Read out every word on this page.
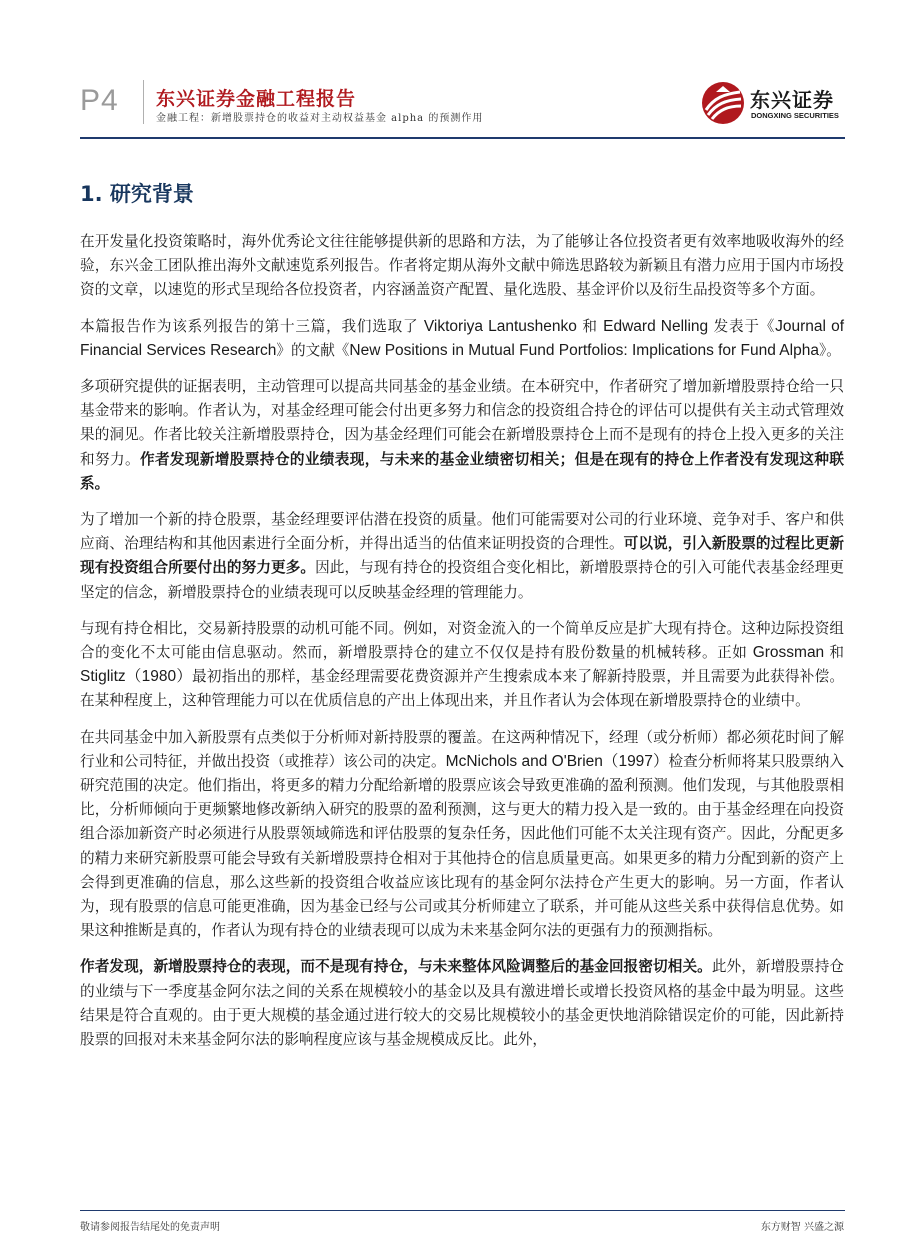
P4 东兴证券金融工程报告
金融工程：新增股票持仓的收益对主动权益基金 alpha 的预测作用
东兴证券
DONGXING SECURITIES
1. 研究背景

在开发量化投资策略时，海外优秀论文往往能够提供新的思路和方法，为了能够让各位投资者更有效率地吸收海外的经验，东兴金工团队推出海外文献速览系列报告。作者将定期从海外文献中筛选思路较为新颖且有潜力应用于国内市场投资的文章，以速览的形式呈现给各位投资者，内容涵盖资产配置、量化选股、基金评价以及衍生品投资等多个方面。

本篇报告作为该系列报告的第十三篇，我们选取了 Viktoriya Lantushenko 和 Edward Nelling 发表于《Journal of Financial Services Research》的文献《New Positions in Mutual Fund Portfolios: Implications for Fund Alpha》。

多项研究提供的证据表明，主动管理可以提高共同基金的基金业绩。在本研究中，作者研究了增加新增股票持仓给一只基金带来的影响。作者认为，对基金经理可能会付出更多努力和信念的投资组合持仓的评估可以提供有关主动式管理效果的洞见。作者比较关注新增股票持仓，因为基金经理们可能会在新增股票持仓上而不是现有的持仓上投入更多的关注和努力。作者发现新增股票持仓的业绩表现，与未来的基金业绩密切相关；但是在现有的持仓上作者没有发现这种联系。

为了增加一个新的持仓股票，基金经理要评估潜在投资的质量。他们可能需要对公司的行业环境、竞争对手、客户和供应商、治理结构和其他因素进行全面分析，并得出适当的估值来证明投资的合理性。可以说，引入新股票的过程比更新现有投资组合所要付出的努力更多。因此，与现有持仓的投资组合变化相比，新增股票持仓的引入可能代表基金经理更坚定的信念，新增股票持仓的业绩表现可以反映基金经理的管理能力。

与现有持仓相比，交易新持股票的动机可能不同。例如，对资金流入的一个简单反应是扩大现有持仓。这种边际投资组合的变化不太可能由信息驱动。然而，新增股票持仓的建立不仅仅是持有股份数量的机械转移。正如 Grossman 和 Stiglitz（1980）最初指出的那样，基金经理需要花费资源并产生搜索成本来了解新持股票，并且需要为此获得补偿。在某种程度上，这种管理能力可以在优质信息的产出上体现出来，并且作者认为会体现在新增股票持仓的业绩中。

在共同基金中加入新股票有点类似于分析师对新持股票的覆盖。在这两种情况下，经理（或分析师）都必须花时间了解行业和公司特征，并做出投资（或推荐）该公司的决定。McNichols and O'Brien（1997）检查分析师将某只股票纳入研究范围的决定。他们指出，将更多的精力分配给新增的股票应该会导致更准确的盈利预测。他们发现，与其他股票相比，分析师倾向于更频繁地修改新纳入研究的股票的盈利预测，这与更大的精力投入是一致的。由于基金经理在向投资组合添加新资产时必须进行从股票领域筛选和评估股票的复杂任务，因此他们可能不太关注现有资产。因此，分配更多的精力来研究新股票可能会导致有关新增股票持仓相对于其他持仓的信息质量更高。如果更多的精力分配到新的资产上会得到更准确的信息，那么这些新的投资组合收益应该比现有的基金阿尔法持仓产生更大的影响。另一方面，作者认为，现有股票的信息可能更准确，因为基金已经与公司或其分析师建立了联系，并可能从这些关系中获得信息优势。如果这种推断是真的，作者认为现有持仓的业绩表现可以成为未来基金阿尔法的更强有力的预测指标。

作者发现，新增股票持仓的表现，而不是现有持仓，与未来整体风险调整后的基金回报密切相关。此外，新增股票持仓的业绩与下一季度基金阿尔法之间的关系在规模较小的基金以及具有激进增长或增长投资风格的基金中最为明显。这些结果是符合直观的。由于更大规模的基金通过进行较大的交易比规模较小的基金更快地消除错误定价的可能，因此新持股票的回报对未来基金阿尔法的影响程度应该与基金规模成反比。此外，

敬请参阅报告结尾处的免责声明	东方财智 兴盛之源
